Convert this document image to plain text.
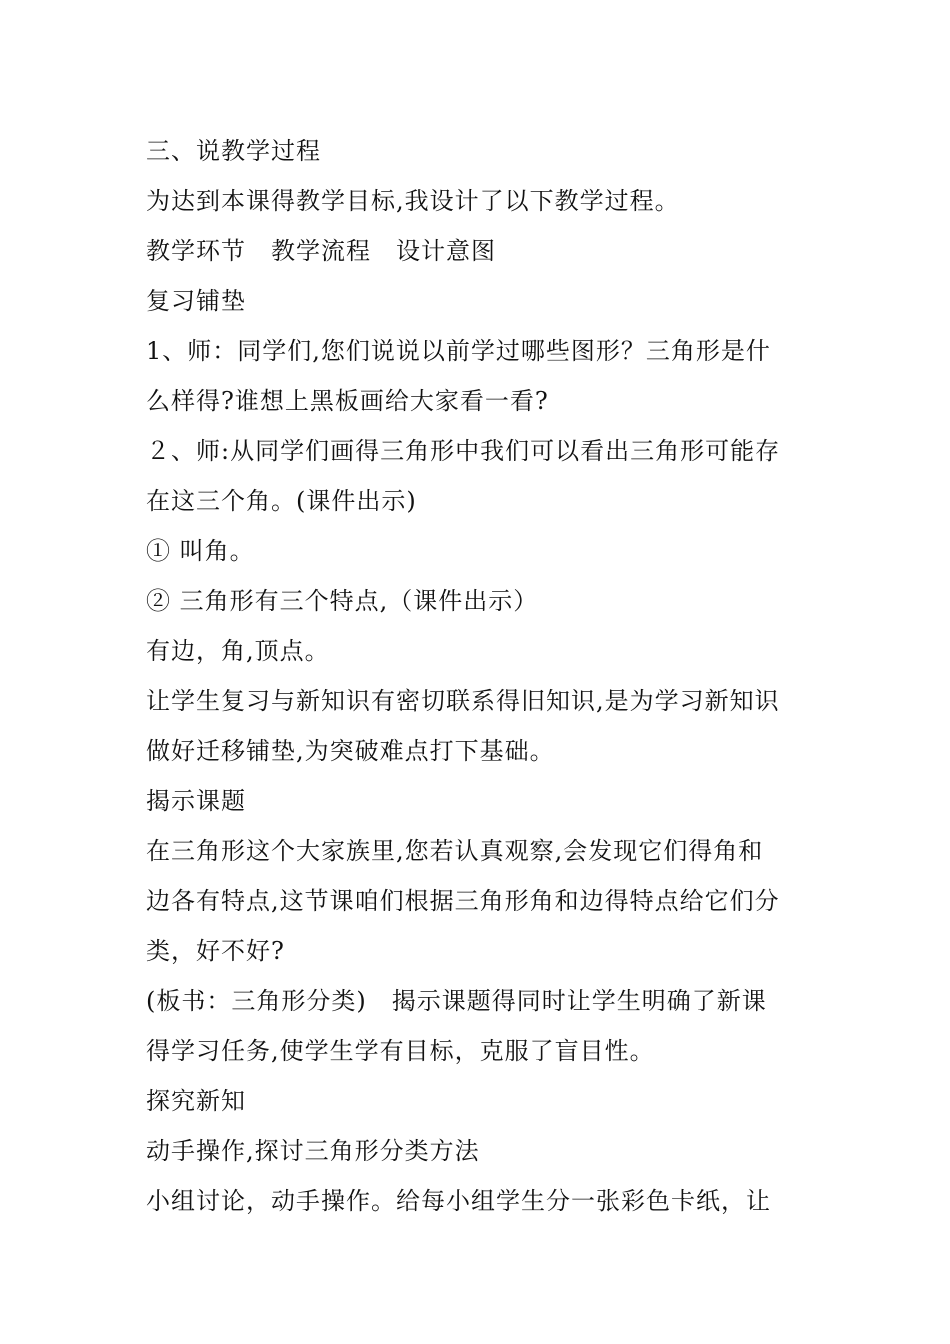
三、说教学过程
为达到本课得教学目标,我设计了以下教学过程。
教学环节　教学流程　设计意图
复习铺垫
1、师：同学们,您们说说以前学过哪些图形？三角形是什
么样得?谁想上黑板画给大家看一看?
２、师:从同学们画得三角形中我们可以看出三角形可能存
在这三个角。(课件出示)
① 叫角。
② 三角形有三个特点,（课件出示）
有边，角,顶点。
让学生复习与新知识有密切联系得旧知识,是为学习新知识
做好迁移铺垫,为突破难点打下基础。
揭示课题
在三角形这个大家族里,您若认真观察,会发现它们得角和
边各有特点,这节课咱们根据三角形角和边得特点给它们分
类，好不好?
(板书：三角形分类)　揭示课题得同时让学生明确了新课
得学习任务,使学生学有目标，克服了盲目性。
探究新知
动手操作,探讨三角形分类方法
小组讨论，动手操作。给每小组学生分一张彩色卡纸，让
